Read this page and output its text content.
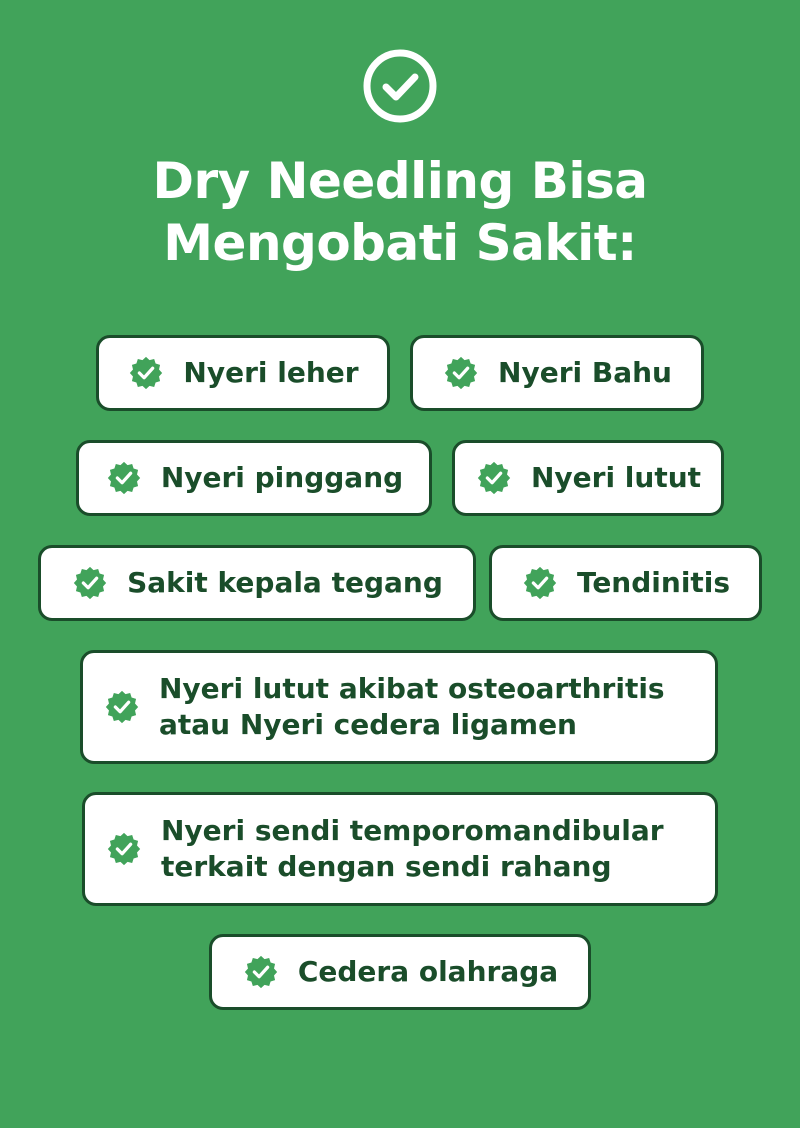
Dry Needling Bisa
Mengobati Sakit:
Nyeri leher	Nyeri Bahu
Nyeri pinggang	Nyeri lutut
Sakit kepala tegang	Tendinitis
Nyeri lutut akibat osteoarthritis
atau Nyeri cedera ligamen
Nyeri sendi temporomandibular
terkait dengan sendi rahang
Cedera olahraga
